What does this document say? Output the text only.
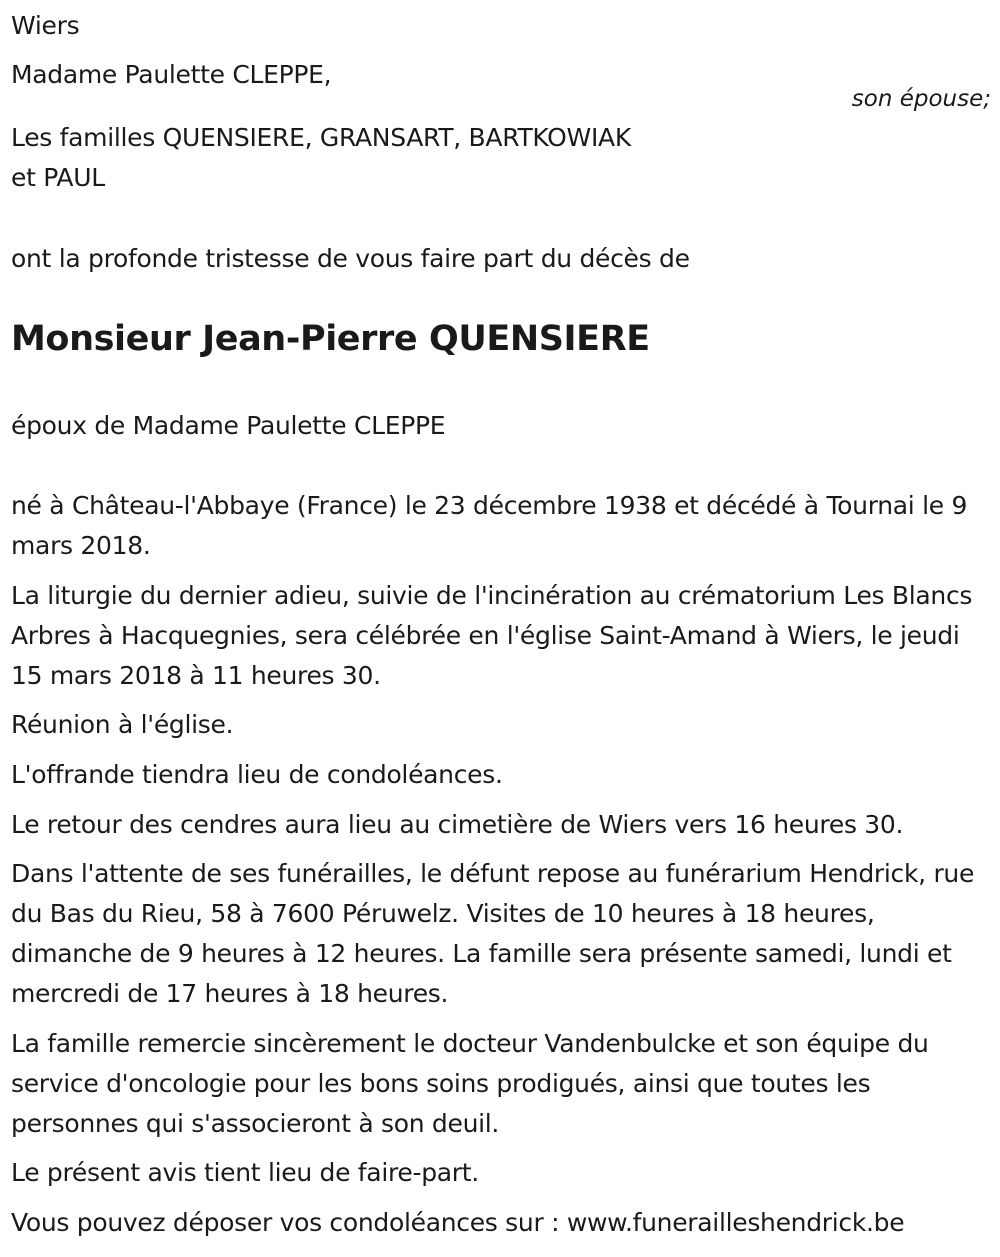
Wiers
Madame Paulette CLEPPE,
son épouse;
Les familles QUENSIERE, GRANSART, BARTKOWIAK
et PAUL
ont la profonde tristesse de vous faire part du décès de
Monsieur Jean-Pierre QUENSIERE
époux de Madame Paulette CLEPPE
né à Château-l'Abbaye (France) le 23 décembre 1938 et décédé à Tournai le 9 mars 2018.
La liturgie du dernier adieu, suivie de l'incinération au crématorium Les Blancs Arbres à Hacquegnies, sera célébrée en l'église Saint-Amand à Wiers, le jeudi 15 mars 2018 à 11 heures 30.
Réunion à l'église.
L'offrande tiendra lieu de condoléances.
Le retour des cendres aura lieu au cimetière de Wiers vers 16 heures 30.
Dans l'attente de ses funérailles, le défunt repose au funérarium Hendrick, rue du Bas du Rieu, 58 à 7600 Péruwelz. Visites de 10 heures à 18 heures, dimanche de 9 heures à 12 heures. La famille sera présente samedi, lundi et mercredi de 17 heures à 18 heures.
La famille remercie sincèrement le docteur Vandenbulcke et son équipe du service d'oncologie pour les bons soins prodigués, ainsi que toutes les personnes qui s'associeront à son deuil.
Le présent avis tient lieu de faire-part.
Vous pouvez déposer vos condoléances sur : www.funerailleshendrick.be
